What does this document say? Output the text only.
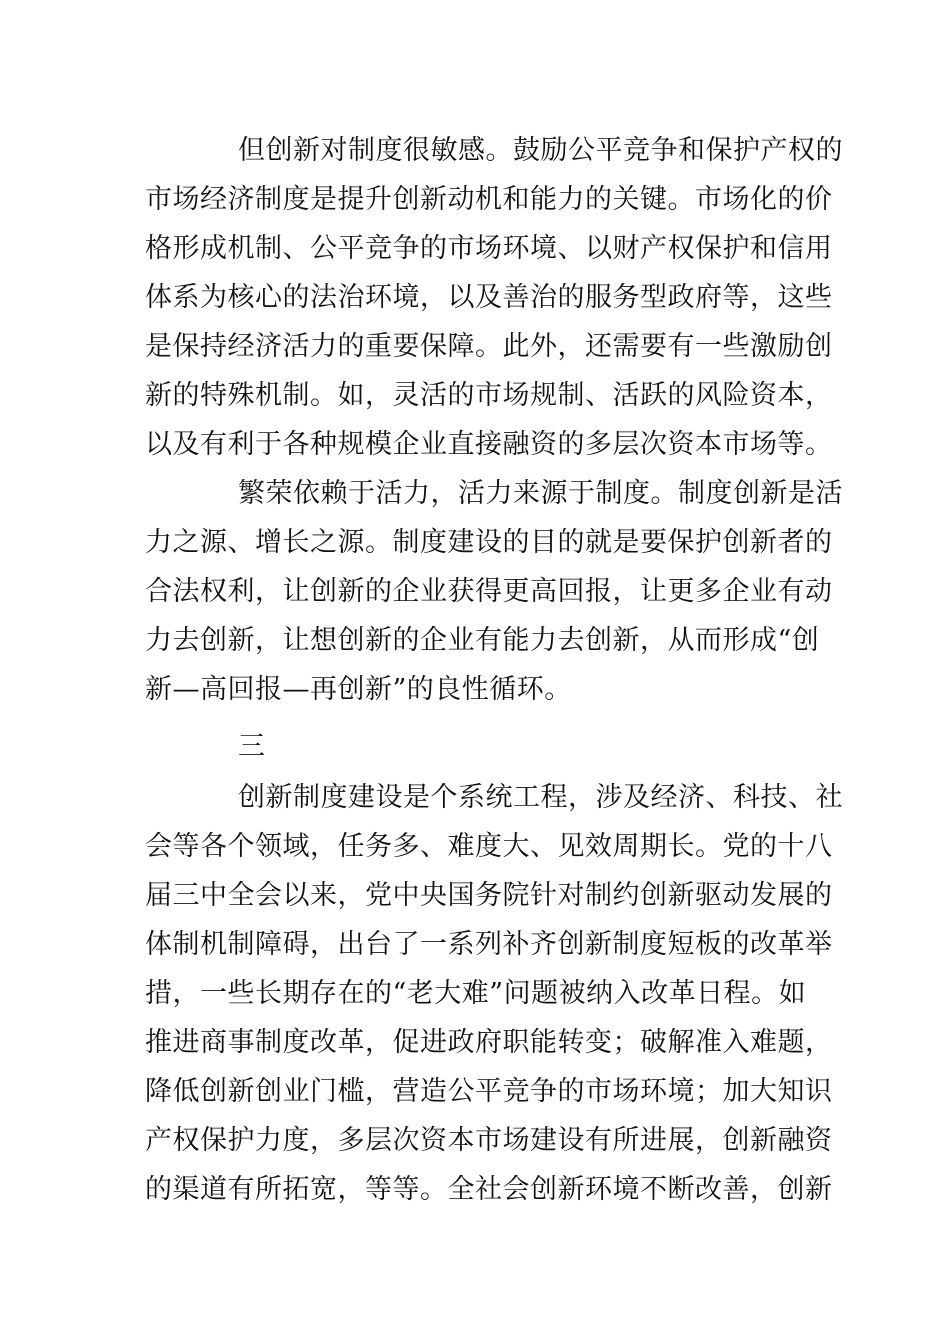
但创新对制度很敏感。鼓励公平竞争和保护产权的
市场经济制度是提升创新动机和能力的关键。市场化的价
格形成机制、公平竞争的市场环境、以财产权保护和信用
体系为核心的法治环境，以及善治的服务型政府等，这些
是保持经济活力的重要保障。此外，还需要有一些激励创
新的特殊机制。如，灵活的市场规制、活跃的风险资本，
以及有利于各种规模企业直接融资的多层次资本市场等。
繁荣依赖于活力，活力来源于制度。制度创新是活
力之源、增长之源。制度建设的目的就是要保护创新者的
合法权利，让创新的企业获得更高回报，让更多企业有动
力去创新，让想创新的企业有能力去创新，从而形成“创
新—高回报—再创新”的良性循环。
三
创新制度建设是个系统工程，涉及经济、科技、社
会等各个领域，任务多、难度大、见效周期长。党的十八
届三中全会以来，党中央国务院针对制约创新驱动发展的
体制机制障碍，出台了一系列补齐创新制度短板的改革举
措，一些长期存在的“老大难”问题被纳入改革日程。如
推进商事制度改革，促进政府职能转变；破解准入难题，
降低创新创业门槛，营造公平竞争的市场环境；加大知识
产权保护力度，多层次资本市场建设有所进展，创新融资
的渠道有所拓宽，等等。全社会创新环境不断改善，创新
